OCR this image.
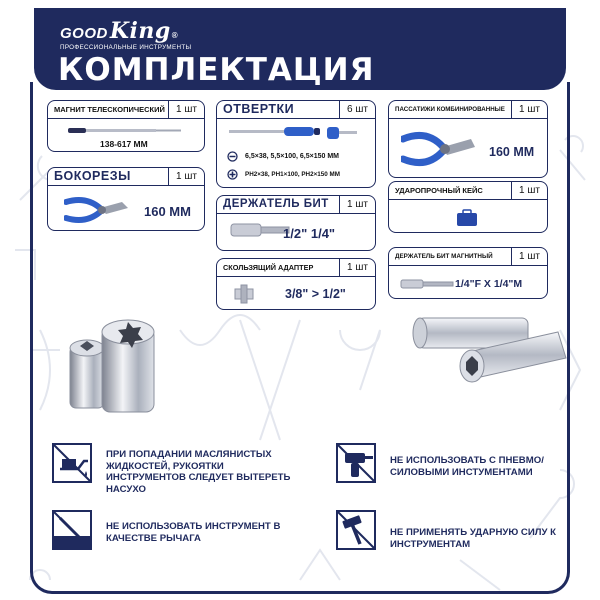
GOOD King ®
ПРОФЕССИОНАЛЬНЫЕ ИНСТРУМЕНТЫ
КОМПЛЕКТАЦИЯ
МАГНИТ ТЕЛЕСКОПИЧЕСКИЙ	1 шт
138-617 ММ
БОКОРЕЗЫ	1 шт
160 ММ
ОТВЕРТКИ	6 шт
6,5×38, 5,5×100, 6,5×150 ММ
PH2×38, PH1×100, PH2×150 ММ
ДЕРЖАТЕЛЬ БИТ	1 шт
1/2" 1/4"
СКОЛЬЗЯЩИЙ АДАПТЕР	1 шт
3/8" > 1/2"
ПАССАТИЖИ КОМБИНИРОВАННЫЕ	1 шт
160 ММ
УДАРОПРОЧНЫЙ КЕЙС	1 шт
ДЕРЖАТЕЛЬ БИТ МАГНИТНЫЙ	1 шт
1/4"F X 1/4"M
ПРИ ПОПАДАНИИ МАСЛЯНИСТЫХ ЖИДКОСТЕЙ, РУКОЯТКИ ИНСТРУМЕНТОВ СЛЕДУЕТ ВЫТЕРЕТЬ НАСУХО
НЕ ИСПОЛЬЗОВАТЬ С ПНЕВМО/СИЛОВЫМИ ИНСТУМЕНТАМИ
НЕ ИСПОЛЬЗОВАТЬ ИНСТРУМЕНТ В КАЧЕСТВЕ РЫЧАГА	НЕ ПРИМЕНЯТЬ УДАРНУЮ СИЛУ К ИНСТРУМЕНТАМ
